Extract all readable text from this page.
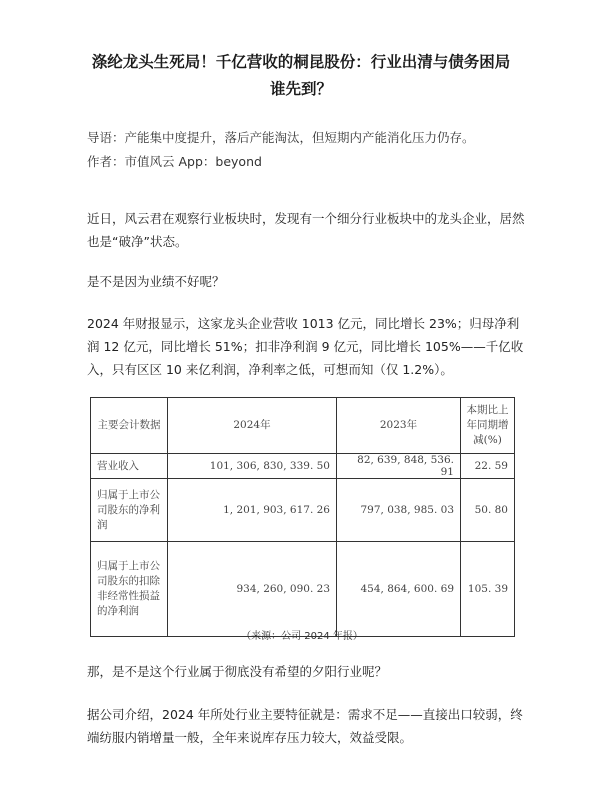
涤纶龙头生死局！千亿营收的桐昆股份：行业出清与债务困局谁先到？

导语：产能集中度提升，落后产能淘汰，但短期内产能消化压力仍存。

作者：市值风云 App：beyond

近日，风云君在观察行业板块时，发现有一个细分行业板块中的龙头企业，居然也是“破净”状态。

是不是因为业绩不好呢？

2024 年财报显示，这家龙头企业营收 1013 亿元，同比增长 23%；归母净利润 12 亿元，同比增长 51%；扣非净利润 9 亿元，同比增长 105%——千亿收入，只有区区 10 来亿利润，净利率之低，可想而知（仅 1.2%）。

主要会计数据	2024年	2023年	本期比上年同期增减(%)
营业收入	101, 306, 830, 339. 50	82, 639, 848, 536. 91	22. 59
归属于上市公司股东的净利润	1, 201, 903, 617. 26	797, 038, 985. 03	50. 80
归属于上市公司股东的扣除非经常性损益的净利润	934, 260, 090. 23	454, 864, 600. 69	105. 39

（来源：公司 2024 年报）

那，是不是这个行业属于彻底没有希望的夕阳行业呢？

据公司介绍，2024 年所处行业主要特征就是：需求不足——直接出口较弱，终端纺服内销增量一般，全年来说库存压力较大，效益受限。
